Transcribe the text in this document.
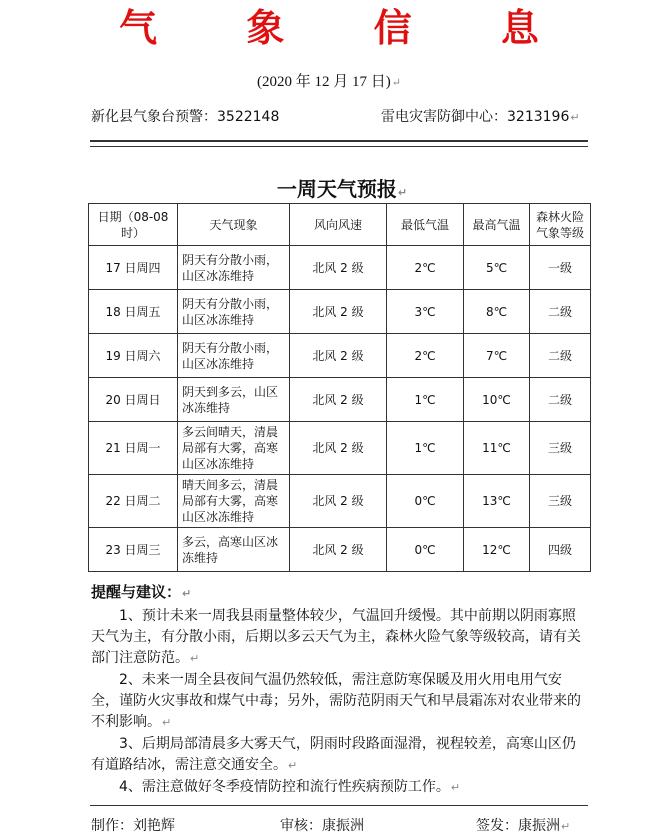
气 象 信 息
(2020 年 12 月 17 日)↵
新化县气象台预警：3522148	雷电灾害防御中心：3213196↵
一周天气预报↵
日期（08-08 时）	天气现象	风向风速	最低气温	最高气温	森林火险气象等级
17 日周四	阴天有分散小雨，山区冰冻维持	北风 2 级	2℃	5℃	一级
18 日周五	阴天有分散小雨，山区冰冻维持	北风 2 级	3℃	8℃	二级
19 日周六	阴天有分散小雨，山区冰冻维持	北风 2 级	2℃	7℃	二级
20 日周日	阴天到多云，山区冰冻维持	北风 2 级	1℃	10℃	二级
21 日周一	多云间晴天，清晨局部有大雾，高寒山区冰冻维持	北风 2 级	1℃	11℃	三级
22 日周二	晴天间多云，清晨局部有大雾，高寒山区冰冻维持	北风 2 级	0℃	13℃	三级
23 日周三	多云，高寒山区冰冻维持	北风 2 级	0℃	12℃	四级
提醒与建议：↵

1、预计未来一周我县雨量整体较少，气温回升缓慢。其中前期以阴雨寡照天气为主，有分散小雨，后期以多云天气为主，森林火险气象等级较高，请有关部门注意防范。↵

2、未来一周全县夜间气温仍然较低，需注意防寒保暖及用火用电用气安全，谨防火灾事故和煤气中毒；另外，需防范阴雨天气和早晨霜冻对农业带来的不利影响。↵

3、后期局部清晨多大雾天气，阴雨时段路面湿滑，视程较差，高寒山区仍有道路结冰，需注意交通安全。↵

4、需注意做好冬季疫情防控和流行性疾病预防工作。↵

制作：刘艳辉	审核：康振洲	签发：康振洲↵
